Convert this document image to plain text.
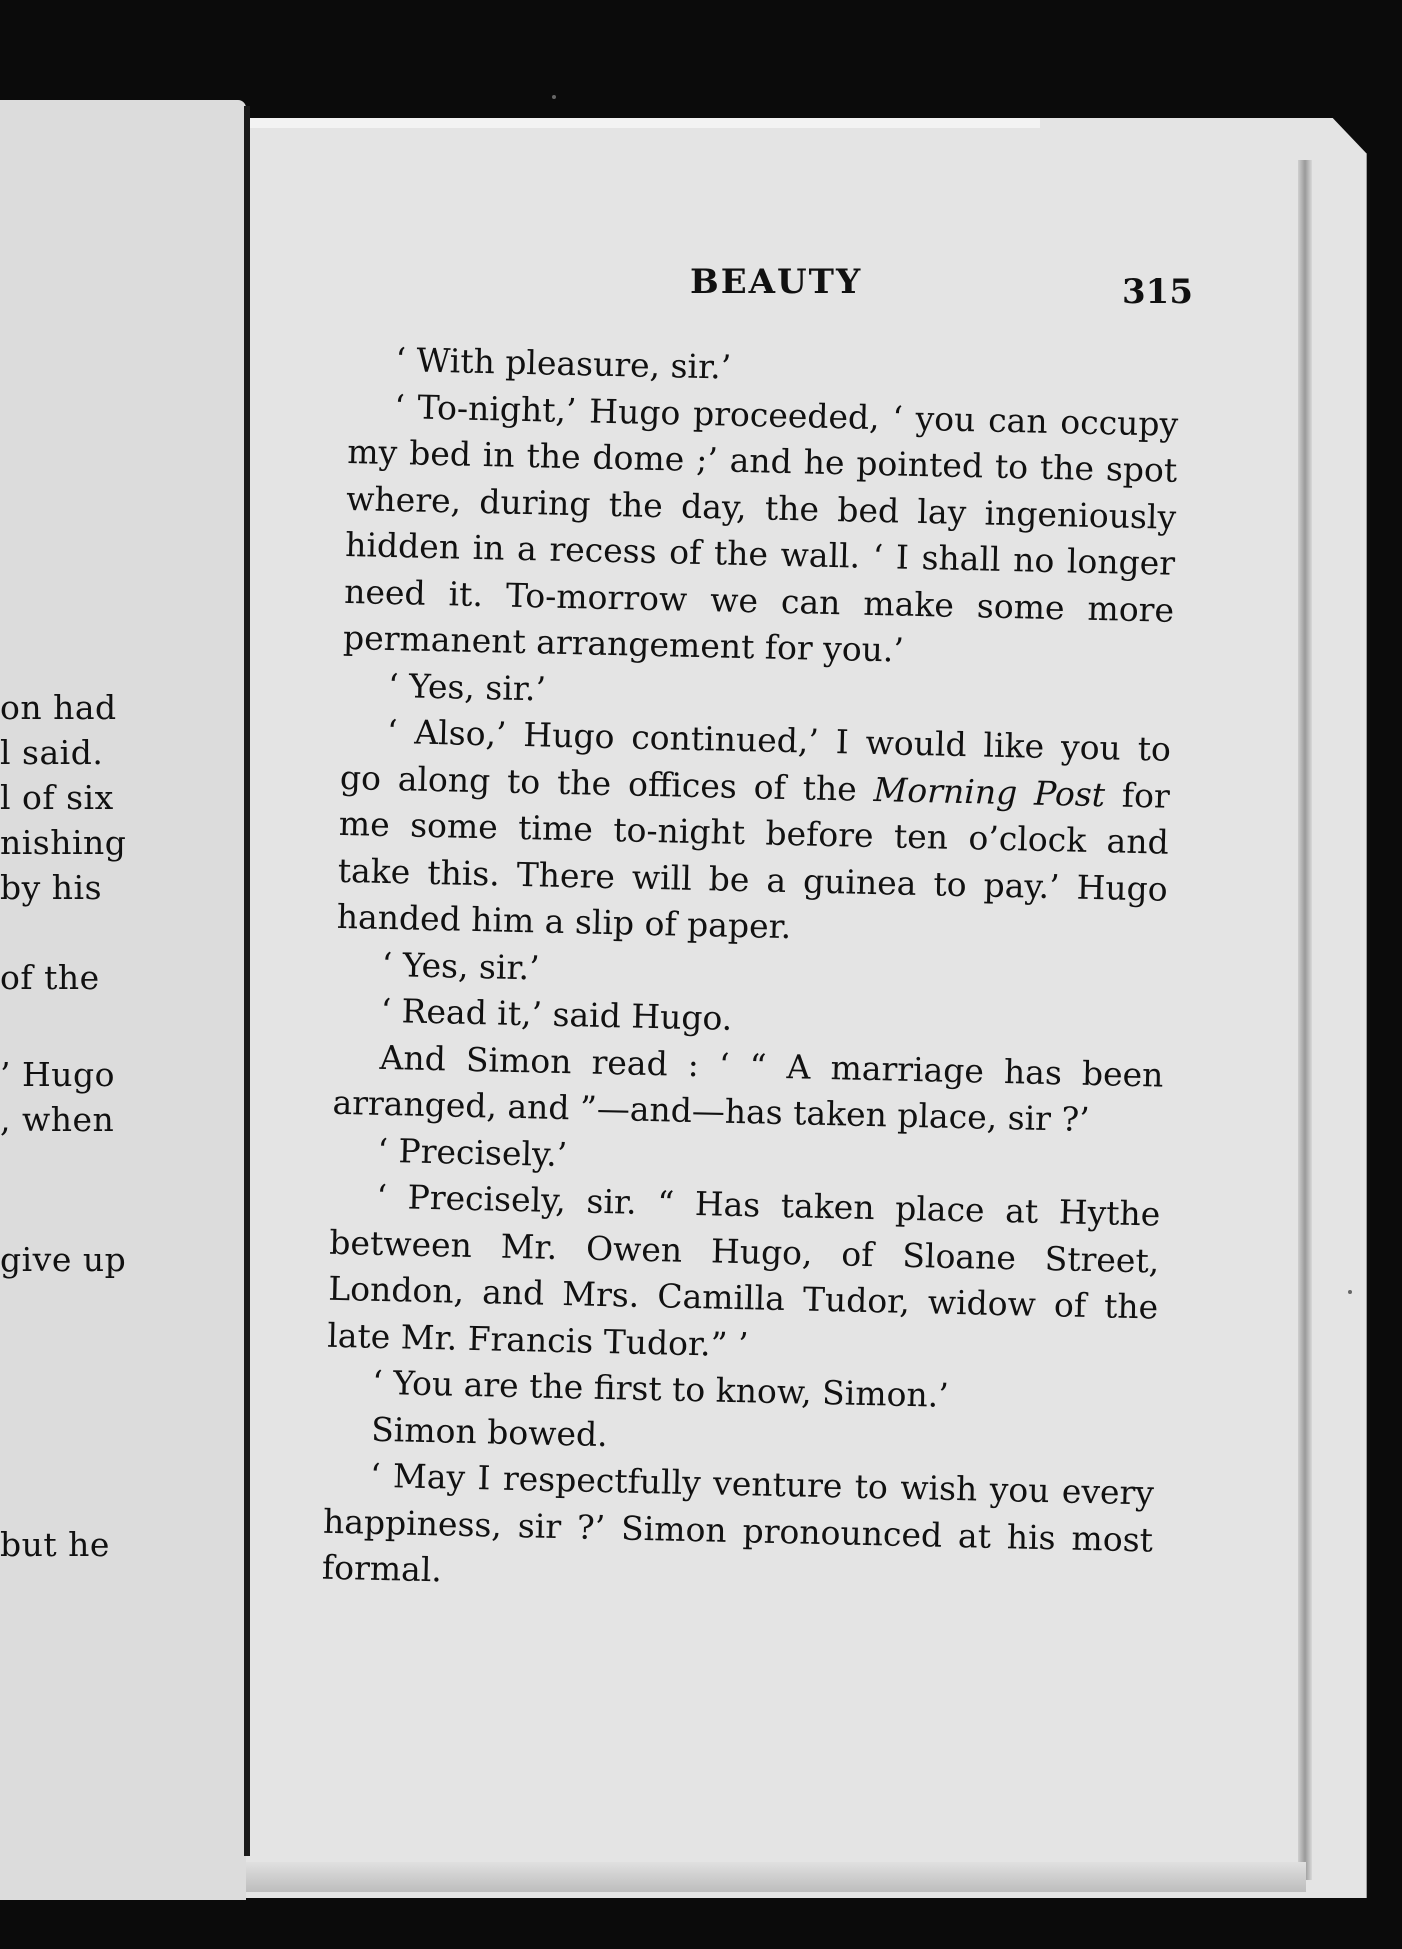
on had
l said.
l of six
nishing
by his
of the
’ Hugo
, when
give up
but he
BEAUTY	315

‘ With pleasure, sir.’

‘ To-night,’ Hugo proceeded, ‘ you can occupy my bed in the dome ;’ and he pointed to the spot where, during the day, the bed lay ingeniously hidden in a recess of the wall. ‘ I shall no longer need it. To-morrow we can make some more permanent arrangement for you.’

‘ Yes, sir.’

‘ Also,’ Hugo continued,’ I would like you to go along to the offices of the Morning Post for me some time to-night before ten o’clock and take this. There will be a guinea to pay.’ Hugo handed him a slip of paper.

‘ Yes, sir.’

‘ Read it,’ said Hugo.

And Simon read : ‘ “ A marriage has been arranged, and ”—and—has taken place, sir ?’

‘ Precisely.’

‘ Precisely, sir. “ Has taken place at Hythe between Mr. Owen Hugo, of Sloane Street, London, and Mrs. Camilla Tudor, widow of the late Mr. Francis Tudor.” ’

‘ You are the first to know, Simon.’

Simon bowed.

‘ May I respectfully venture to wish you every happiness, sir ?’ Simon pronounced at his most formal.
